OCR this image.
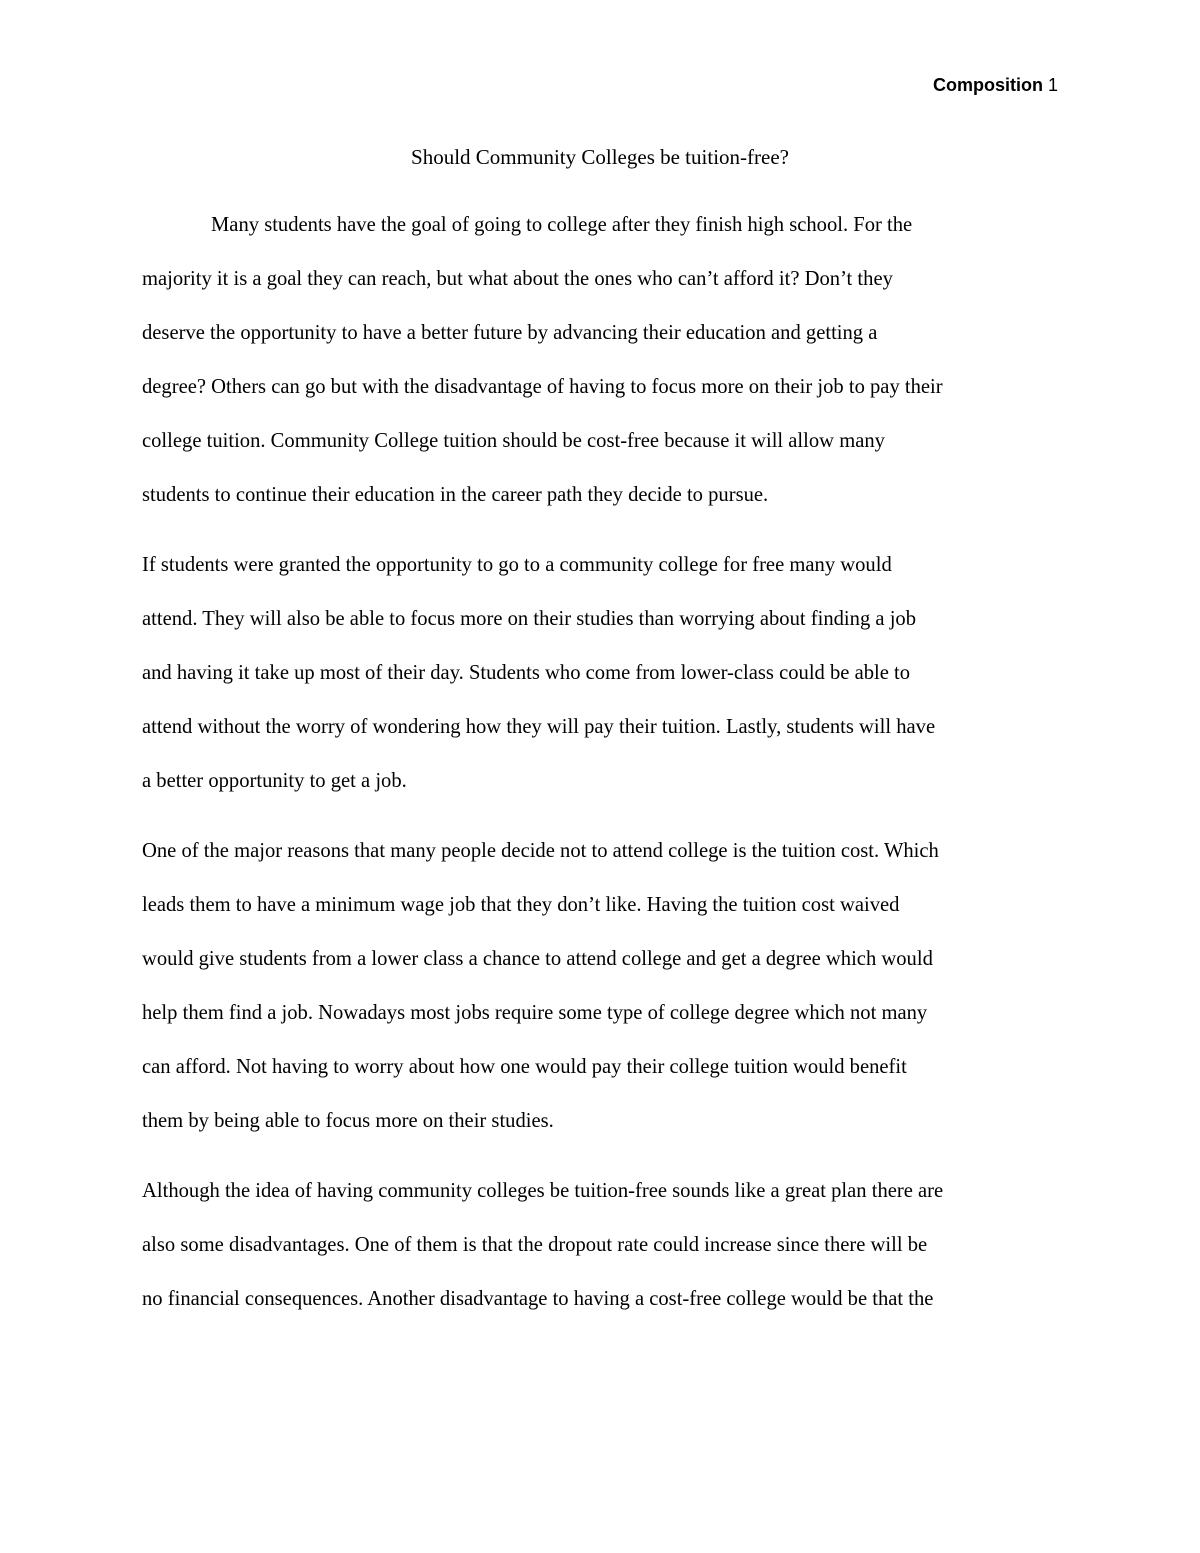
Composition 1
Should Community Colleges be tuition-free?
Many students have the goal of going to college after they finish high school. For the
majority it is a goal they can reach, but what about the ones who can’t afford it? Don’t they
deserve the opportunity to have a better future by advancing their education and getting a
degree? Others can go but with the disadvantage of having to focus more on their job to pay their
college tuition. Community College tuition should be cost-free because it will allow many
students to continue their education in the career path they decide to pursue.
If students were granted the opportunity to go to a community college for free many would
attend. They will also be able to focus more on their studies than worrying about finding a job
and having it take up most of their day. Students who come from lower-class could be able to
attend without the worry of wondering how they will pay their tuition. Lastly, students will have
a better opportunity to get a job.
One of the major reasons that many people decide not to attend college is the tuition cost. Which
leads them to have a minimum wage job that they don’t like. Having the tuition cost waived
would give students from a lower class a chance to attend college and get a degree which would
help them find a job. Nowadays most jobs require some type of college degree which not many
can afford. Not having to worry about how one would pay their college tuition would benefit
them by being able to focus more on their studies.
Although the idea of having community colleges be tuition-free sounds like a great plan there are
also some disadvantages. One of them is that the dropout rate could increase since there will be
no financial consequences. Another disadvantage to having a cost-free college would be that the
